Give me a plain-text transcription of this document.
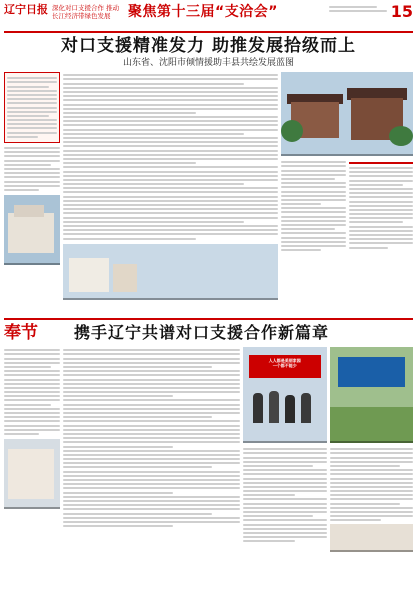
辽宁日报 深化对口支援合作 推动长江经济带绿色发展	聚焦第十三届“支洽会”	15
对口支援精准发力 助推发展拾级而上
山东省、沈阳市倾情援助丰县共绘发展蓝图
奉节	携手辽宁共谱对口支援合作新篇章
人人都是美丽家园
一个都不能少
